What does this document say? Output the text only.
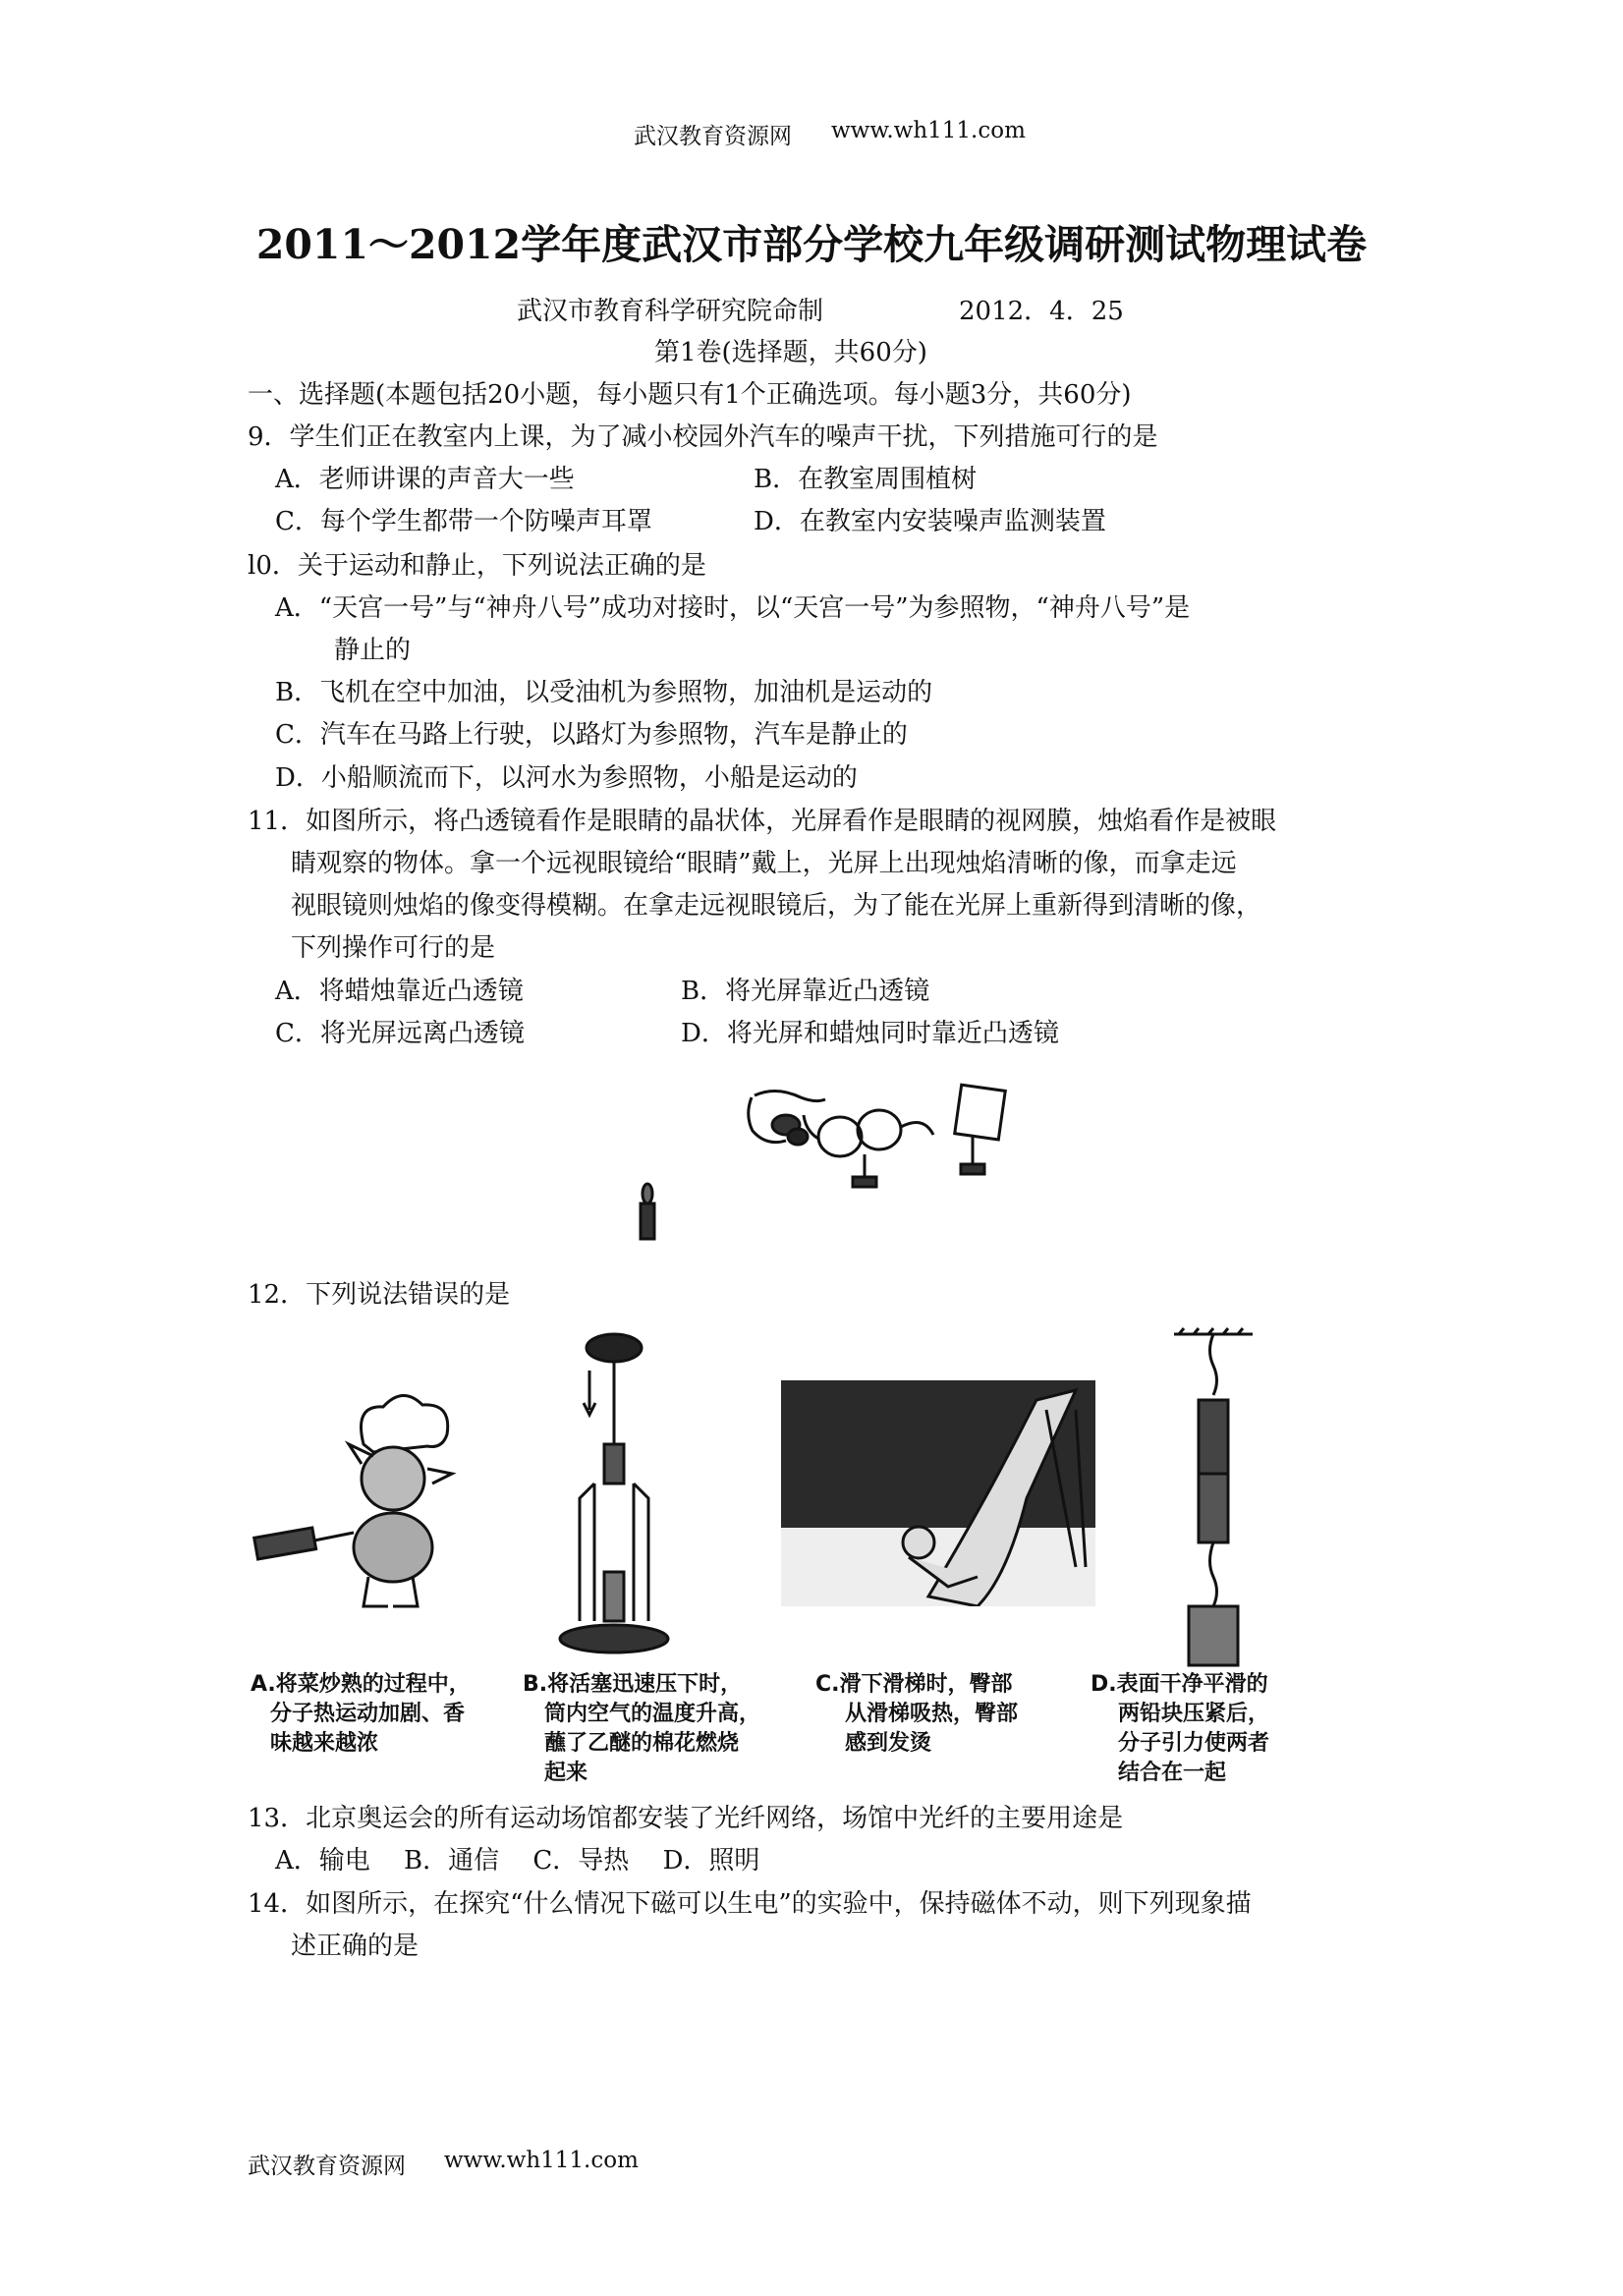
武汉教育资源网 www.wh111.com
2011～2012学年度武汉市部分学校九年级调研测试物理试卷
武汉市教育科学研究院命制	2012．4．25
第1卷(选择题，共60分)
一、选择题(本题包括20小题，每小题只有1个正确选项。每小题3分，共60分)
9．学生们正在教室内上课，为了减小校园外汽车的噪声干扰，下列措施可行的是
A．老师讲课的声音大一些	B．在教室周围植树
C．每个学生都带一个防噪声耳罩	D．在教室内安装噪声监测装置
l0．关于运动和静止，下列说法正确的是
A．“天宫一号”与“神舟八号”成功对接时，以“天宫一号”为参照物，“神舟八号”是
静止的
B．飞机在空中加油，以受油机为参照物，加油机是运动的
C．汽车在马路上行驶，以路灯为参照物，汽车是静止的
D．小船顺流而下，以河水为参照物，小船是运动的
11．如图所示，将凸透镜看作是眼睛的晶状体，光屏看作是眼睛的视网膜，烛焰看作是被眼
睛观察的物体。拿一个远视眼镜给“眼睛”戴上，光屏上出现烛焰清晰的像，而拿走远
视眼镜则烛焰的像变得模糊。在拿走远视眼镜后，为了能在光屏上重新得到清晰的像，
下列操作可行的是
A．将蜡烛靠近凸透镜	B．将光屏靠近凸透镜
C．将光屏远离凸透镜	D．将光屏和蜡烛同时靠近凸透镜
12．下列说法错误的是
A.将菜炒熟的过程中，
分子热运动加剧、香
味越来越浓
B.将活塞迅速压下时，
筒内空气的温度升高，
蘸了乙醚的棉花燃烧
起来
C.滑下滑梯时，臀部
从滑梯吸热，臀部
感到发烫
D.表面干净平滑的
两铅块压紧后，
分子引力使两者
结合在一起
13．北京奥运会的所有运动场馆都安装了光纤网络，场馆中光纤的主要用途是
A．输电　 B．通信　 C．导热　 D．照明
14．如图所示，在探究“什么情况下磁可以生电”的实验中，保持磁体不动，则下列现象描
述正确的是
武汉教育资源网 www.wh111.com
